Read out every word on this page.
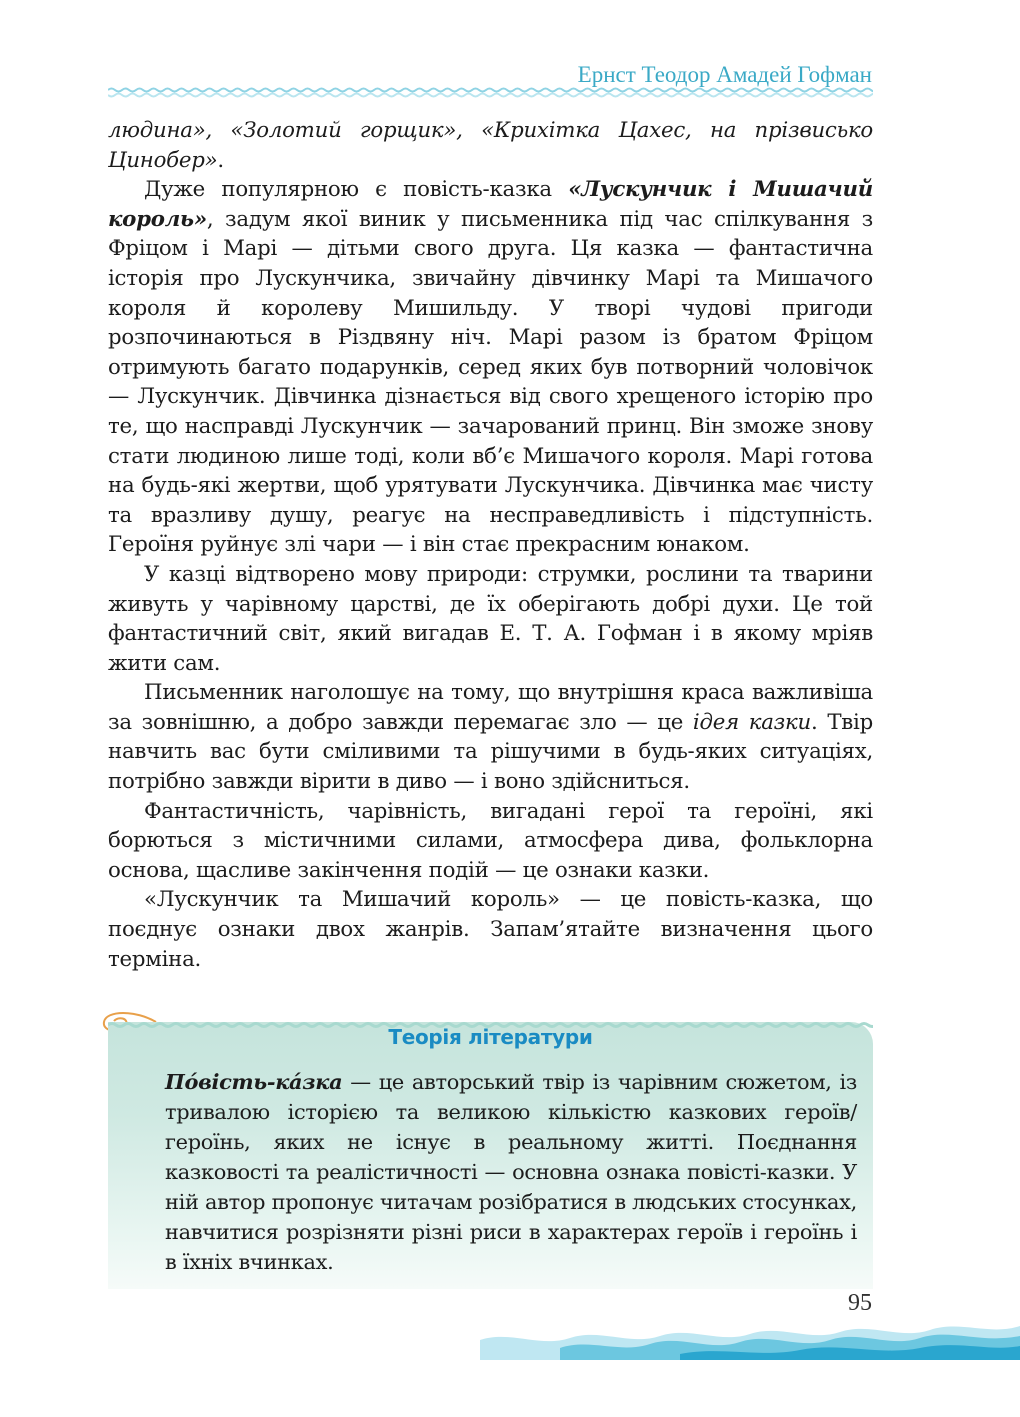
Ернст Теодор Амадей Гофман

людина», «Золотий горщик», «Крихітка Цахес, на прізвисько Цинобер».

Дуже популярною є повість-казка «Лускунчик і Мишачий король», задум якої виник у письменника під час спілкування з Фріцом і Марі — дітьми свого друга. Ця казка — фантастична історія про Лускунчика, звичайну дівчинку Марі та Мишачого короля й королеву Мишильду. У творі чудові пригоди розпочинаються в Різдвяну ніч. Марі разом із братом Фріцом отримують багато подарунків, серед яких був потворний чоловічок — Лускунчик. Дівчинка дізнається від свого хрещеного історію про те, що насправді Лускунчик — зачарований принц. Він зможе знову стати людиною лише тоді, коли вб’є Мишачого короля. Марі готова на будь-які жертви, щоб урятувати Лускунчика. Дівчинка має чисту та вразливу душу, реагує на несправедливість і підступність. Героїня руйнує злі чари — і він стає прекрасним юнаком.

У казці відтворено мову природи: струмки, рослини та тварини живуть у чарівному царстві, де їх оберігають добрі духи. Це той фантастичний світ, який вигадав Е. Т. А. Гофман і в якому мріяв жити сам.

Письменник наголошує на тому, що внутрішня краса важливіша за зовнішню, а добро завжди перемагає зло — це ідея казки. Твір навчить вас бути сміливими та рішучими в будь-яких ситуаціях, потрібно завжди вірити в диво — і воно здійсниться.

Фантастичність, чарівність, вигадані герої та героїні, які борються з містичними силами, атмосфера дива, фольклорна основа, щасливе закінчення подій — це ознаки казки.

«Лускунчик та Мишачий король» — це повість-казка, що поєднує ознаки двох жанрів. Запам’ятайте визначення цього терміна.

Теорія літератури
Пóвість-кáзка — це авторський твір із чарівним сюжетом, із тривалою історією та великою кількістю казкових героїв/героїнь, яких не існує в реальному житті. Поєднання казковості та реалістичності — основна ознака повісті-казки. У ній автор пропонує читачам розібратися в людських стосунках, навчитися розрізняти різні риси в характерах героїв і героїнь і в їхніх вчинках.
95
